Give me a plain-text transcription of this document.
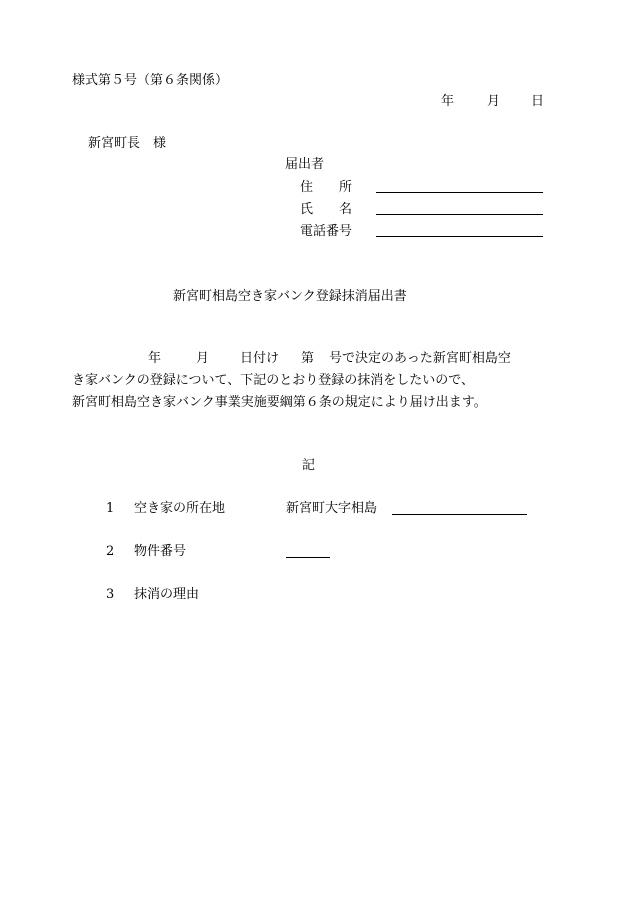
様式第５号（第６条関係）
年	月 日
新宮町長　様
届出者
住　　所
氏　　名
電話番号
新宮町相島空き家バンク登録抹消届出書
年	月 日付け 第 号で決定のあった新宮町相島空
き家バンクの登録について、下記のとおり登録の抹消をしたいので、
新宮町相島空き家バンク事業実施要綱第６条の規定により届け出ます。
記
1 空き家の所在地	新宮町大字相島
2 物件番号
3 抹消の理由
